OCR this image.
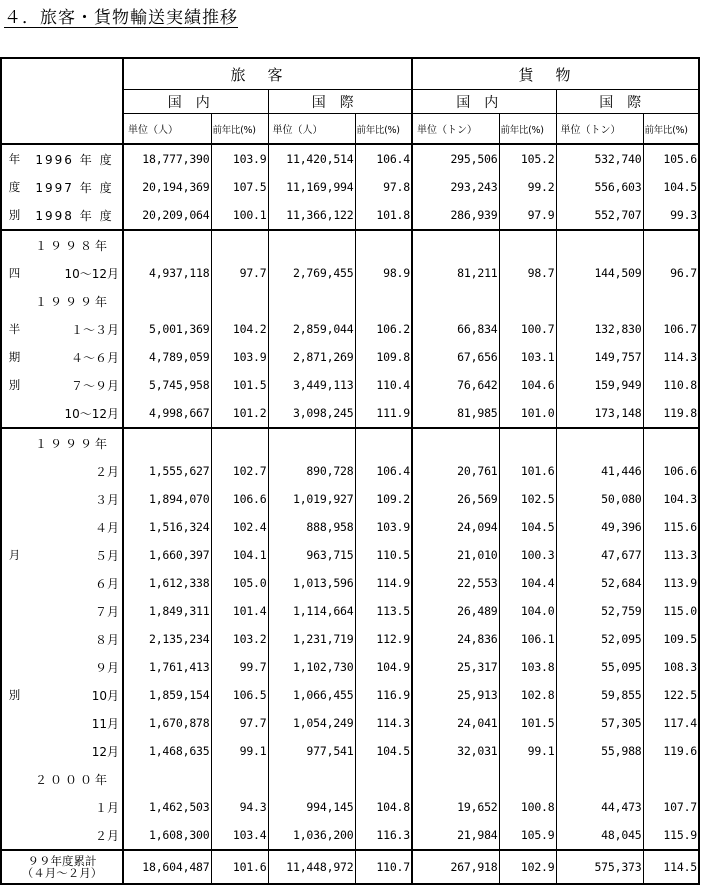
４．旅客・貨物輸送実績推移
		旅客				貨物			
		国内		国際		国内		国際	
		単位（人）	前年比(%)	単位（人）	前年比(%)	単位（トン）	前年比(%)	単位（トン）	前年比(%)
年	1996 年 度	18,777,390	103.9	11,420,514	106.4	295,506	105.2	532,740	105.6
度	1997 年 度	20,194,369	107.5	11,169,994	97.8	293,243	99.2	556,603	104.5
別	1998 年 度	20,209,064	100.1	11,366,122	101.8	286,939	97.9	552,707	99.3
	１９９８年								
四	10～12月	4,937,118	97.7	2,769,455	98.9	81,211	98.7	144,509	96.7
	１９９９年								
半	１～３月	5,001,369	104.2	2,859,044	106.2	66,834	100.7	132,830	106.7
期	４～６月	4,789,059	103.9	2,871,269	109.8	67,656	103.1	149,757	114.3
別	７～９月	5,745,958	101.5	3,449,113	110.4	76,642	104.6	159,949	110.8
	10～12月	4,998,667	101.2	3,098,245	111.9	81,985	101.0	173,148	119.8
	１９９９年								
	２月	1,555,627	102.7	890,728	106.4	20,761	101.6	41,446	106.6
	３月	1,894,070	106.6	1,019,927	109.2	26,569	102.5	50,080	104.3
	４月	1,516,324	102.4	888,958	103.9	24,094	104.5	49,396	115.6
月	５月	1,660,397	104.1	963,715	110.5	21,010	100.3	47,677	113.3
	６月	1,612,338	105.0	1,013,596	114.9	22,553	104.4	52,684	113.9
	７月	1,849,311	101.4	1,114,664	113.5	26,489	104.0	52,759	115.0
	８月	2,135,234	103.2	1,231,719	112.9	24,836	106.1	52,095	109.5
	９月	1,761,413	99.7	1,102,730	104.9	25,317	103.8	55,095	108.3
別	10月	1,859,154	106.5	1,066,455	116.9	25,913	102.8	59,855	122.5
	11月	1,670,878	97.7	1,054,249	114.3	24,041	101.5	57,305	117.4
	12月	1,468,635	99.1	977,541	104.5	32,031	99.1	55,988	119.6
	２０００年								
	１月	1,462,503	94.3	994,145	104.8	19,652	100.8	44,473	107.7
	２月	1,608,300	103.4	1,036,200	116.3	21,984	105.9	48,045	115.9

９９年度累計
（４月～２月）		18,604,487	101.6	11,448,972	110.7	267,918	102.9	575,373	114.5
